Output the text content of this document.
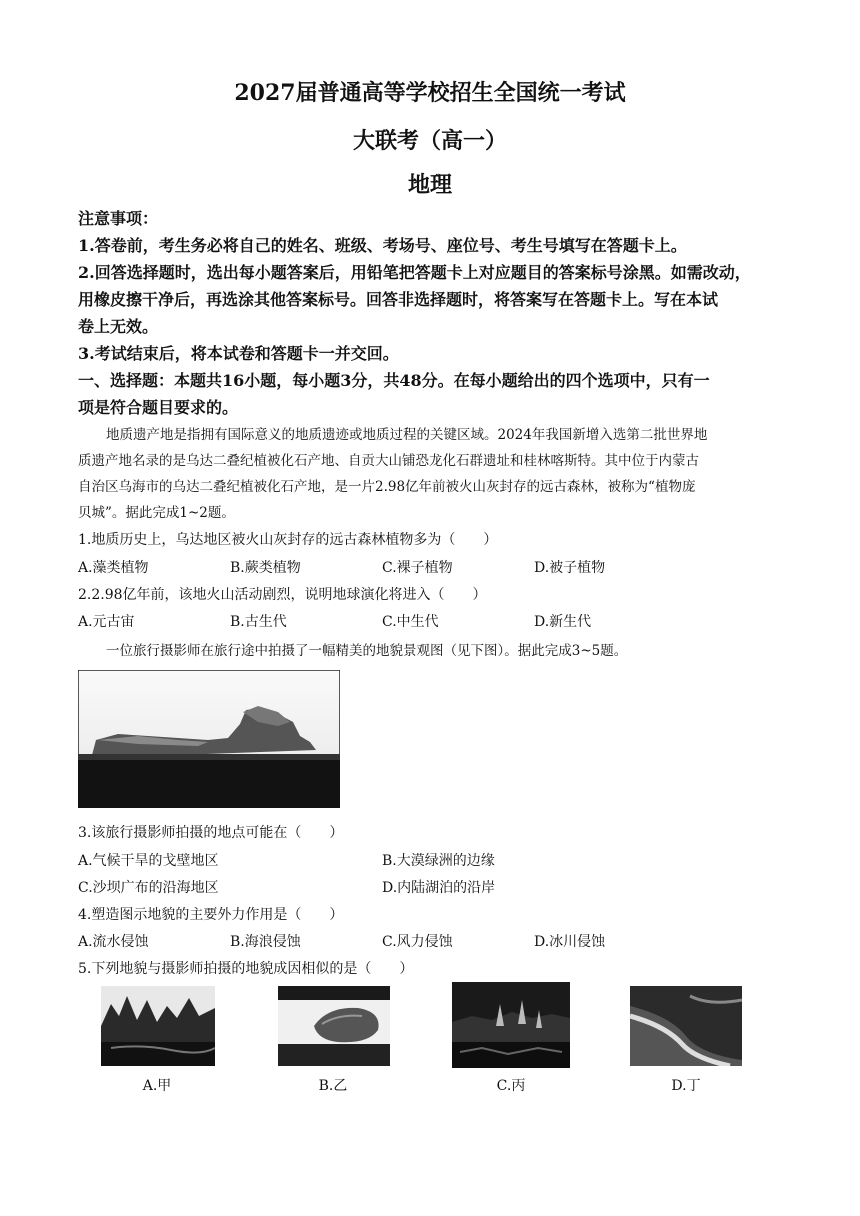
2027届普通高等学校招生全国统一考试
大联考（高一）
地理
注意事项：
1.答卷前，考生务必将自己的姓名、班级、考场号、座位号、考生号填写在答题卡上。
2.回答选择题时，选出每小题答案后，用铅笔把答题卡上对应题目的答案标号涂黑。如需改动，
用橡皮擦干净后，再选涂其他答案标号。回答非选择题时，将答案写在答题卡上。写在本试
卷上无效。
3.考试结束后，将本试卷和答题卡一并交回。
一、选择题：本题共16小题，每小题3分，共48分。在每小题给出的四个选项中，只有一
项是符合题目要求的。
地质遗产地是指拥有国际意义的地质遗迹或地质过程的关键区域。2024年我国新增入选第二批世界地
质遗产地名录的是乌达二叠纪植被化石产地、自贡大山铺恐龙化石群遗址和桂林喀斯特。其中位于内蒙古
自治区乌海市的乌达二叠纪植被化石产地，是一片2.98亿年前被火山灰封存的远古森林，被称为“植物庞
贝城”。据此完成1~2题。
1.地质历史上，乌达地区被火山灰封存的远古森林植物多为（　　）
A.藻类植物	B.蕨类植物	C.裸子植物	D.被子植物
2.2.98亿年前，该地火山活动剧烈，说明地球演化将进入（　　）
A.元古宙	B.古生代	C.中生代	D.新生代
一位旅行摄影师在旅行途中拍摄了一幅精美的地貌景观图（见下图）。据此完成3~5题。
3.该旅行摄影师拍摄的地点可能在（　　）
A.气候干旱的戈壁地区	B.大漠绿洲的边缘
C.沙坝广布的沿海地区	D.内陆湖泊的沿岸
4.塑造图示地貌的主要外力作用是（　　）
A.流水侵蚀	B.海浪侵蚀	C.风力侵蚀	D.冰川侵蚀
5.下列地貌与摄影师拍摄的地貌成因相似的是（　　）
A.甲	B.乙	C.丙	D.丁
